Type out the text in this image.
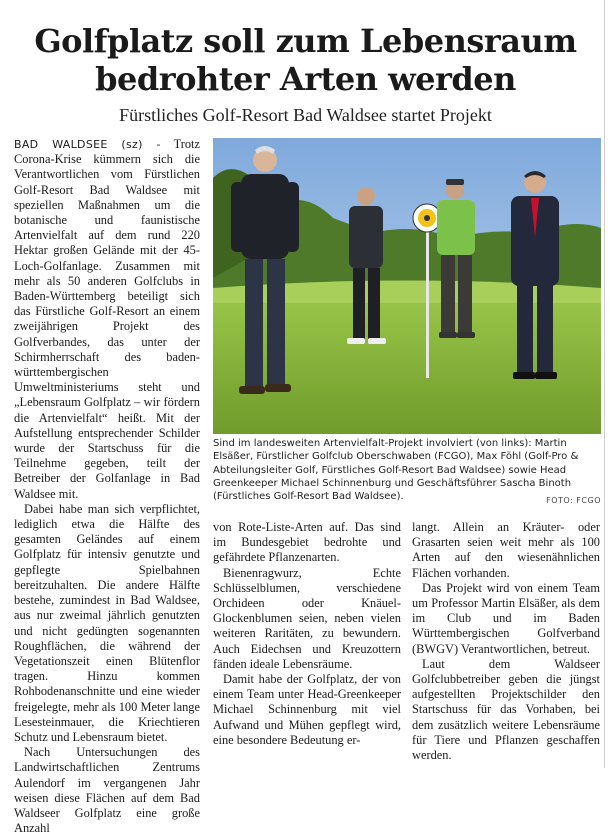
Golfplatz soll zum Lebensraum
bedrohter Arten werden

Fürstliches Golf-Resort Bad Waldsee startet Projekt

BAD WALDSEE (sz) - Trotz Corona-Krise kümmern sich die Verantwortlichen vom Fürstlichen Golf-Resort Bad Waldsee mit speziellen Maßnahmen um die botanische und faunistische Artenvielfalt auf dem rund 220 Hektar großen Gelände mit der 45-Loch-Golfanlage. Zusammen mit mehr als 50 anderen Golfclubs in Baden-Württemberg beteiligt sich das Fürstliche Golf-Resort an einem zweijährigen Projekt des Golfverbandes, das unter der Schirmherrschaft des baden-württembergischen Umweltministeriums steht und „Lebensraum Golfplatz – wir fördern die Artenvielfalt“ heißt. Mit der Aufstellung entsprechender Schilder wurde der Startschuss für die Teilnehme gegeben, teilt der Betreiber der Golfanlage in Bad Waldsee mit.

Dabei habe man sich verpflichtet, lediglich etwa die Hälfte des gesamten Geländes auf einem Golfplatz für intensiv genutzte und gepflegte Spielbahnen bereitzuhalten. Die andere Hälfte bestehe, zumindest in Bad Waldsee, aus nur zweimal jährlich genutzten und nicht gedüngten sogenannten Roughflächen, die während der Vegetationszeit einen Blütenflor tragen. Hinzu kommen Rohbodenanschnitte und eine wieder freigelegte, mehr als 100 Meter lange Lesesteinmauer, die Kriechtieren Schutz und Lebensraum bietet.

Nach Untersuchungen des Landwirtschaftlichen Zentrums Aulendorf im vergangenen Jahr weisen diese Flächen auf dem Bad Waldseer Golfplatz eine große Anzahl

Sind im landesweiten Artenvielfalt-Projekt involviert (von links): Martin Elsäßer, Fürstlicher Golfclub Oberschwaben (FCGO), Max Föhl (Golf-Pro & Abteilungsleiter Golf, Fürstliches Golf-Resort Bad Waldsee) sowie Head Greenkeeper Michael Schinnenburg und Geschäftsführer Sascha Binoth (Fürstliches Golf-Resort Bad Waldsee).	FOTO: FCGO

von Rote-Liste-Arten auf. Das sind im Bundesgebiet bedrohte und gefährdete Pflanzenarten.

Bienenragwurz, Echte Schlüsselblumen, verschiedene Orchideen oder Knäuel-Glockenblumen seien, neben vielen weiteren Raritäten, zu bewundern. Auch Eidechsen und Kreuzottern fänden ideale Lebensräume.

Damit habe der Golfplatz, der von einem Team unter Head-Greenkeeper Michael Schinnenburg mit viel Aufwand und Mühen gepflegt wird, eine besondere Bedeutung er-

langt. Allein an Kräuter- oder Grasarten seien weit mehr als 100 Arten auf den wiesenähnlichen Flächen vorhanden.

Das Projekt wird von einem Team um Professor Martin Elsäßer, als dem im Club und im Baden Württembergischen Golfverband (BWGV) Verantwortlichen, betreut.

Laut dem Waldseer Golfclubbetreiber geben die jüngst aufgestellten Projektschilder den Startschuss für das Vorhaben, bei dem zusätzlich weitere Lebensräume für Tiere und Pflanzen geschaffen werden.
